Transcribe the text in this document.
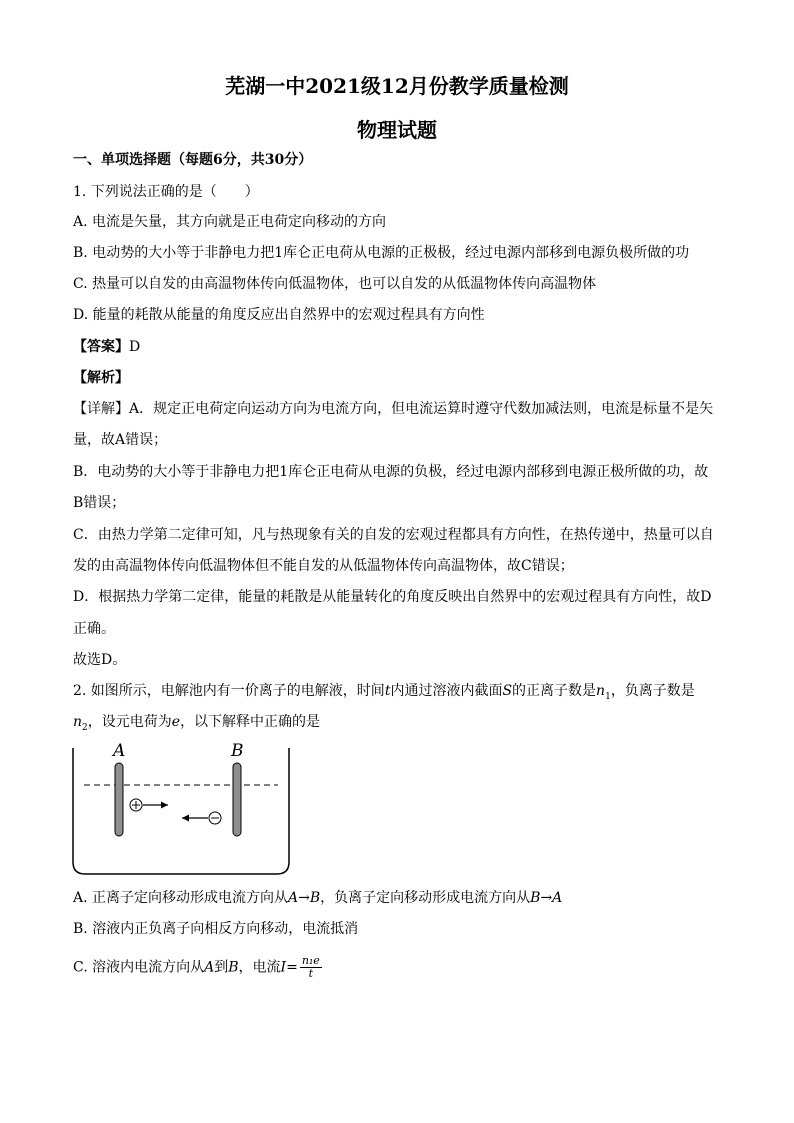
芜湖一中2021级12月份教学质量检测
物理试题
一、单项选择题（每题6分，共30分）
1. 下列说法正确的是（　　）
A. 电流是矢量，其方向就是正电荷定向移动的方向
B. 电动势的大小等于非静电力把1库仑正电荷从电源的正极极，经过电源内部移到电源负极所做的功
C. 热量可以自发的由高温物体传向低温物体，也可以自发的从低温物体传向高温物体
D. 能量的耗散从能量的角度反应出自然界中的宏观过程具有方向性
【答案】D
【解析】
【详解】A．规定正电荷定向运动方向为电流方向，但电流运算时遵守代数加减法则，电流是标量不是矢
量，故A错误；
B．电动势的大小等于非静电力把1库仑正电荷从电源的负极，经过电源内部移到电源正极所做的功，故
B错误；
C．由热力学第二定律可知，凡与热现象有关的自发的宏观过程都具有方向性，在热传递中，热量可以自
发的由高温物体传向低温物体但不能自发的从低温物体传向高温物体，故C错误；
D．根据热力学第二定律，能量的耗散是从能量转化的角度反映出自然界中的宏观过程具有方向性，故D
正确。
故选D。
2. 如图所示，电解池内有一价离子的电解液，时间t内通过溶液内截面S的正离子数是$n_1$，负离子数是
$n_2$，设元电荷为e，以下解释中正确的是
A	B
A. 正离子定向移动形成电流方向从A→B，负离子定向移动形成电流方向从B→A
B. 溶液内正负离子向相反方向移动，电流抵消
C. 溶液内电流方向从A到B，电流$I= \frac{\text{n₁e}}{t}$
